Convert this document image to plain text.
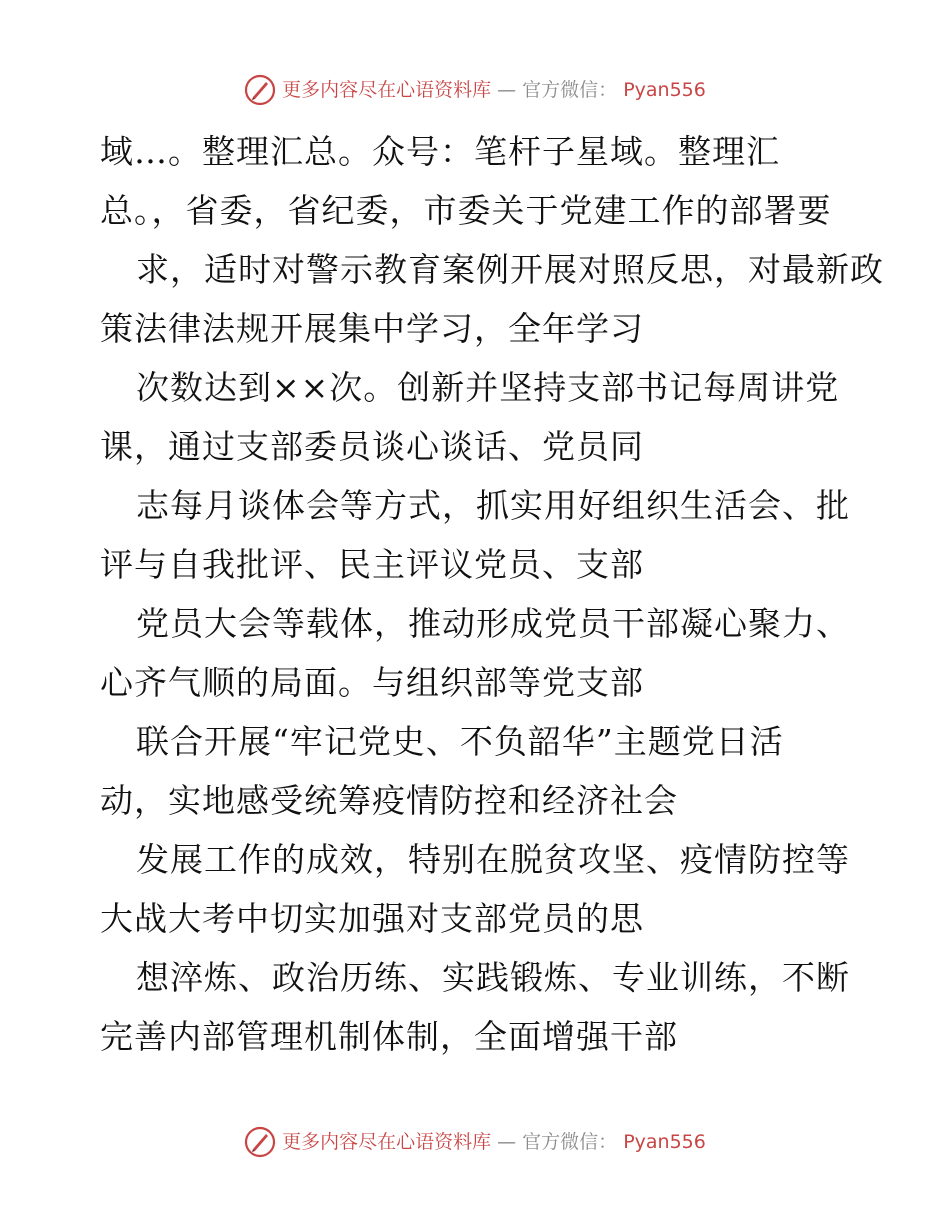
更多内容尽在心语资料库 — 官方微信： Pyan556
域…。整理汇总。众号：笔杆子星域。整理汇
总。，省委，省纪委，市委关于党建工作的部署要
求，适时对警示教育案例开展对照反思，对最新政
策法律法规开展集中学习，全年学习
次数达到××次。创新并坚持支部书记每周讲党
课，通过支部委员谈心谈话、党员同
志每月谈体会等方式，抓实用好组织生活会、批
评与自我批评、民主评议党员、支部
党员大会等载体，推动形成党员干部凝心聚力、
心齐气顺的局面。与组织部等党支部
联合开展“牢记党史、不负韶华”主题党日活
动，实地感受统筹疫情防控和经济社会
发展工作的成效，特别在脱贫攻坚、疫情防控等
大战大考中切实加强对支部党员的思
想淬炼、政治历练、实践锻炼、专业训练，不断
完善内部管理机制体制，全面增强干部
更多内容尽在心语资料库 — 官方微信： Pyan556
